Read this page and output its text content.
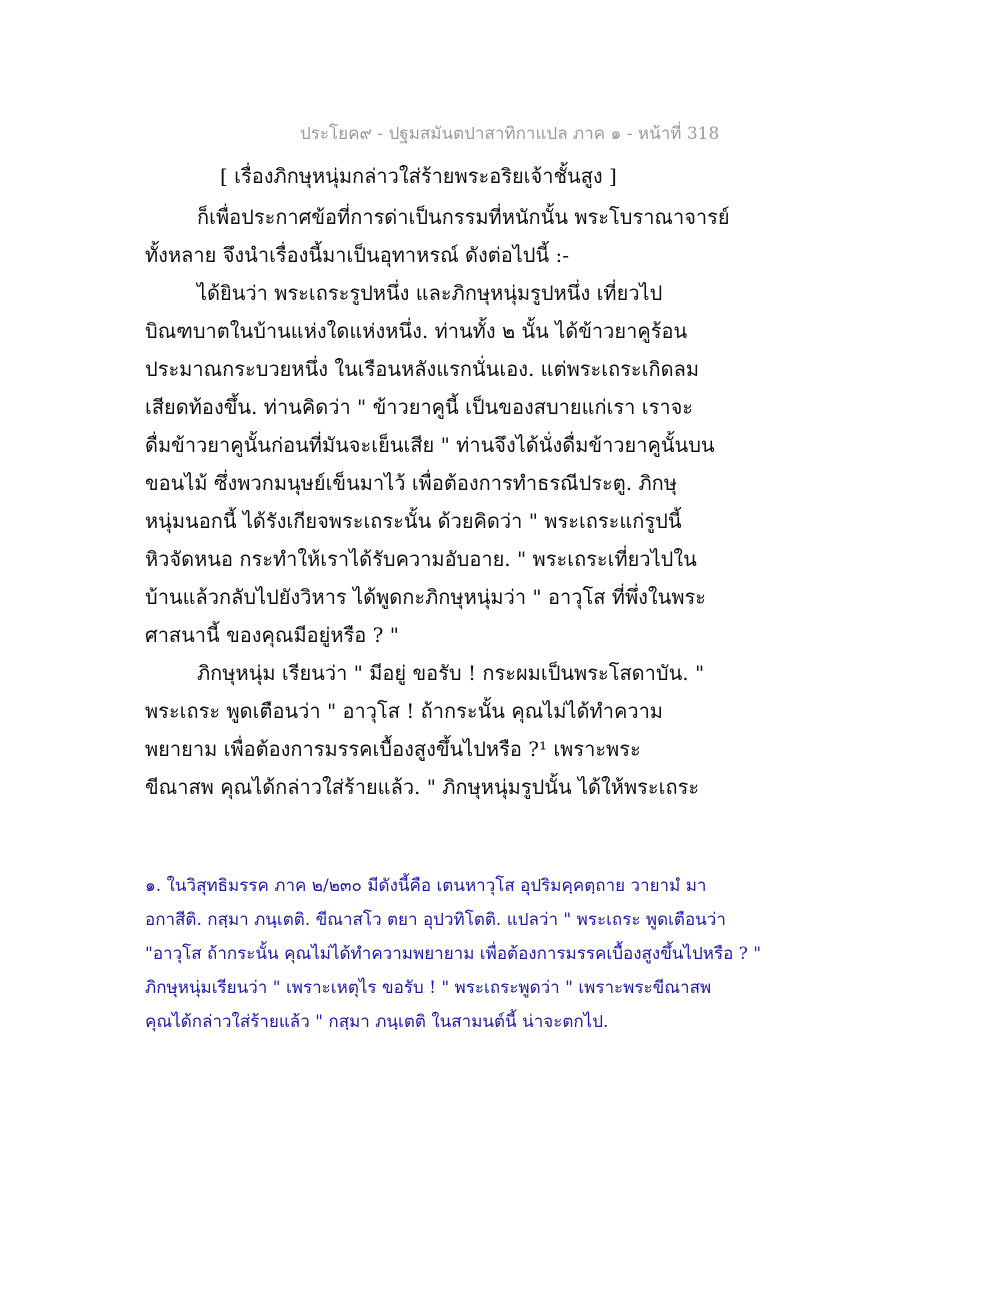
ประโยค๙ - ปฐมสมันตปาสาทิกาแปล ภาค ๑ - หน้าที่ 318
[ เรื่องภิกษุหนุ่มกล่าวใส่ร้ายพระอริยเจ้าชั้นสูง ]
ก็เพื่อประกาศข้อที่การด่าเป็นกรรมที่หนักนั้น พระโบราณาจารย์
ทั้งหลาย จึงนำเรื่องนี้มาเป็นอุทาหรณ์ ดังต่อไปนี้ :-
ได้ยินว่า พระเถระรูปหนึ่ง และภิกษุหนุ่มรูปหนึ่ง เที่ยวไป
บิณฑบาตในบ้านแห่งใดแห่งหนึ่ง. ท่านทั้ง ๒ นั้น ได้ข้าวยาคูร้อน
ประมาณกระบวยหนึ่ง ในเรือนหลังแรกนั่นเอง. แต่พระเถระเกิดลม
เสียดท้องขึ้น. ท่านคิดว่า " ข้าวยาคูนี้ เป็นของสบายแก่เรา เราจะ
ดื่มข้าวยาคูนั้นก่อนที่มันจะเย็นเสีย " ท่านจึงได้นั่งดื่มข้าวยาคูนั้นบน
ขอนไม้ ซึ่งพวกมนุษย์เข็นมาไว้ เพื่อต้องการทำธรณีประตู. ภิกษุ
หนุ่มนอกนี้ ได้รังเกียจพระเถระนั้น ด้วยคิดว่า " พระเถระแก่รูปนี้
หิวจัดหนอ กระทำให้เราได้รับความอับอาย. " พระเถระเที่ยวไปใน
บ้านแล้วกลับไปยังวิหาร ได้พูดกะภิกษุหนุ่มว่า " อาวุโส ที่พึ่งในพระ
ศาสนานี้ ของคุณมีอยู่หรือ ? "
ภิกษุหนุ่ม เรียนว่า " มีอยู่ ขอรับ ! กระผมเป็นพระโสดาบัน. "
พระเถระ พูดเตือนว่า " อาวุโส ! ถ้ากระนั้น คุณไม่ได้ทำความ
พยายาม เพื่อต้องการมรรคเบื้องสูงขึ้นไปหรือ ?¹ เพราะพระ
ขีณาสพ คุณได้กล่าวใส่ร้ายแล้ว. " ภิกษุหนุ่มรูปนั้น ได้ให้พระเถระ
๑. ในวิสุทธิมรรค ภาค ๒/๒๓๐ มีดังนี้คือ เตนหาวุโส อุปริมคฺคตฺถาย วายามํ มา
อกาสีติ. กสฺมา ภนฺเตติ. ขีณาสโว ตยา อุปวทิโตติ. แปลว่า " พระเถระ พูดเตือนว่า
"อาวุโส ถ้ากระนั้น คุณไม่ได้ทำความพยายาม เพื่อต้องการมรรคเบื้องสูงขึ้นไปหรือ ? "
ภิกษุหนุ่มเรียนว่า " เพราะเหตุไร ขอรับ ! " พระเถระพูดว่า " เพราะพระขีณาสพ
คุณได้กล่าวใส่ร้ายแล้ว " กสฺมา ภนฺเตติ ในสามนต์นี้ น่าจะตกไป.
